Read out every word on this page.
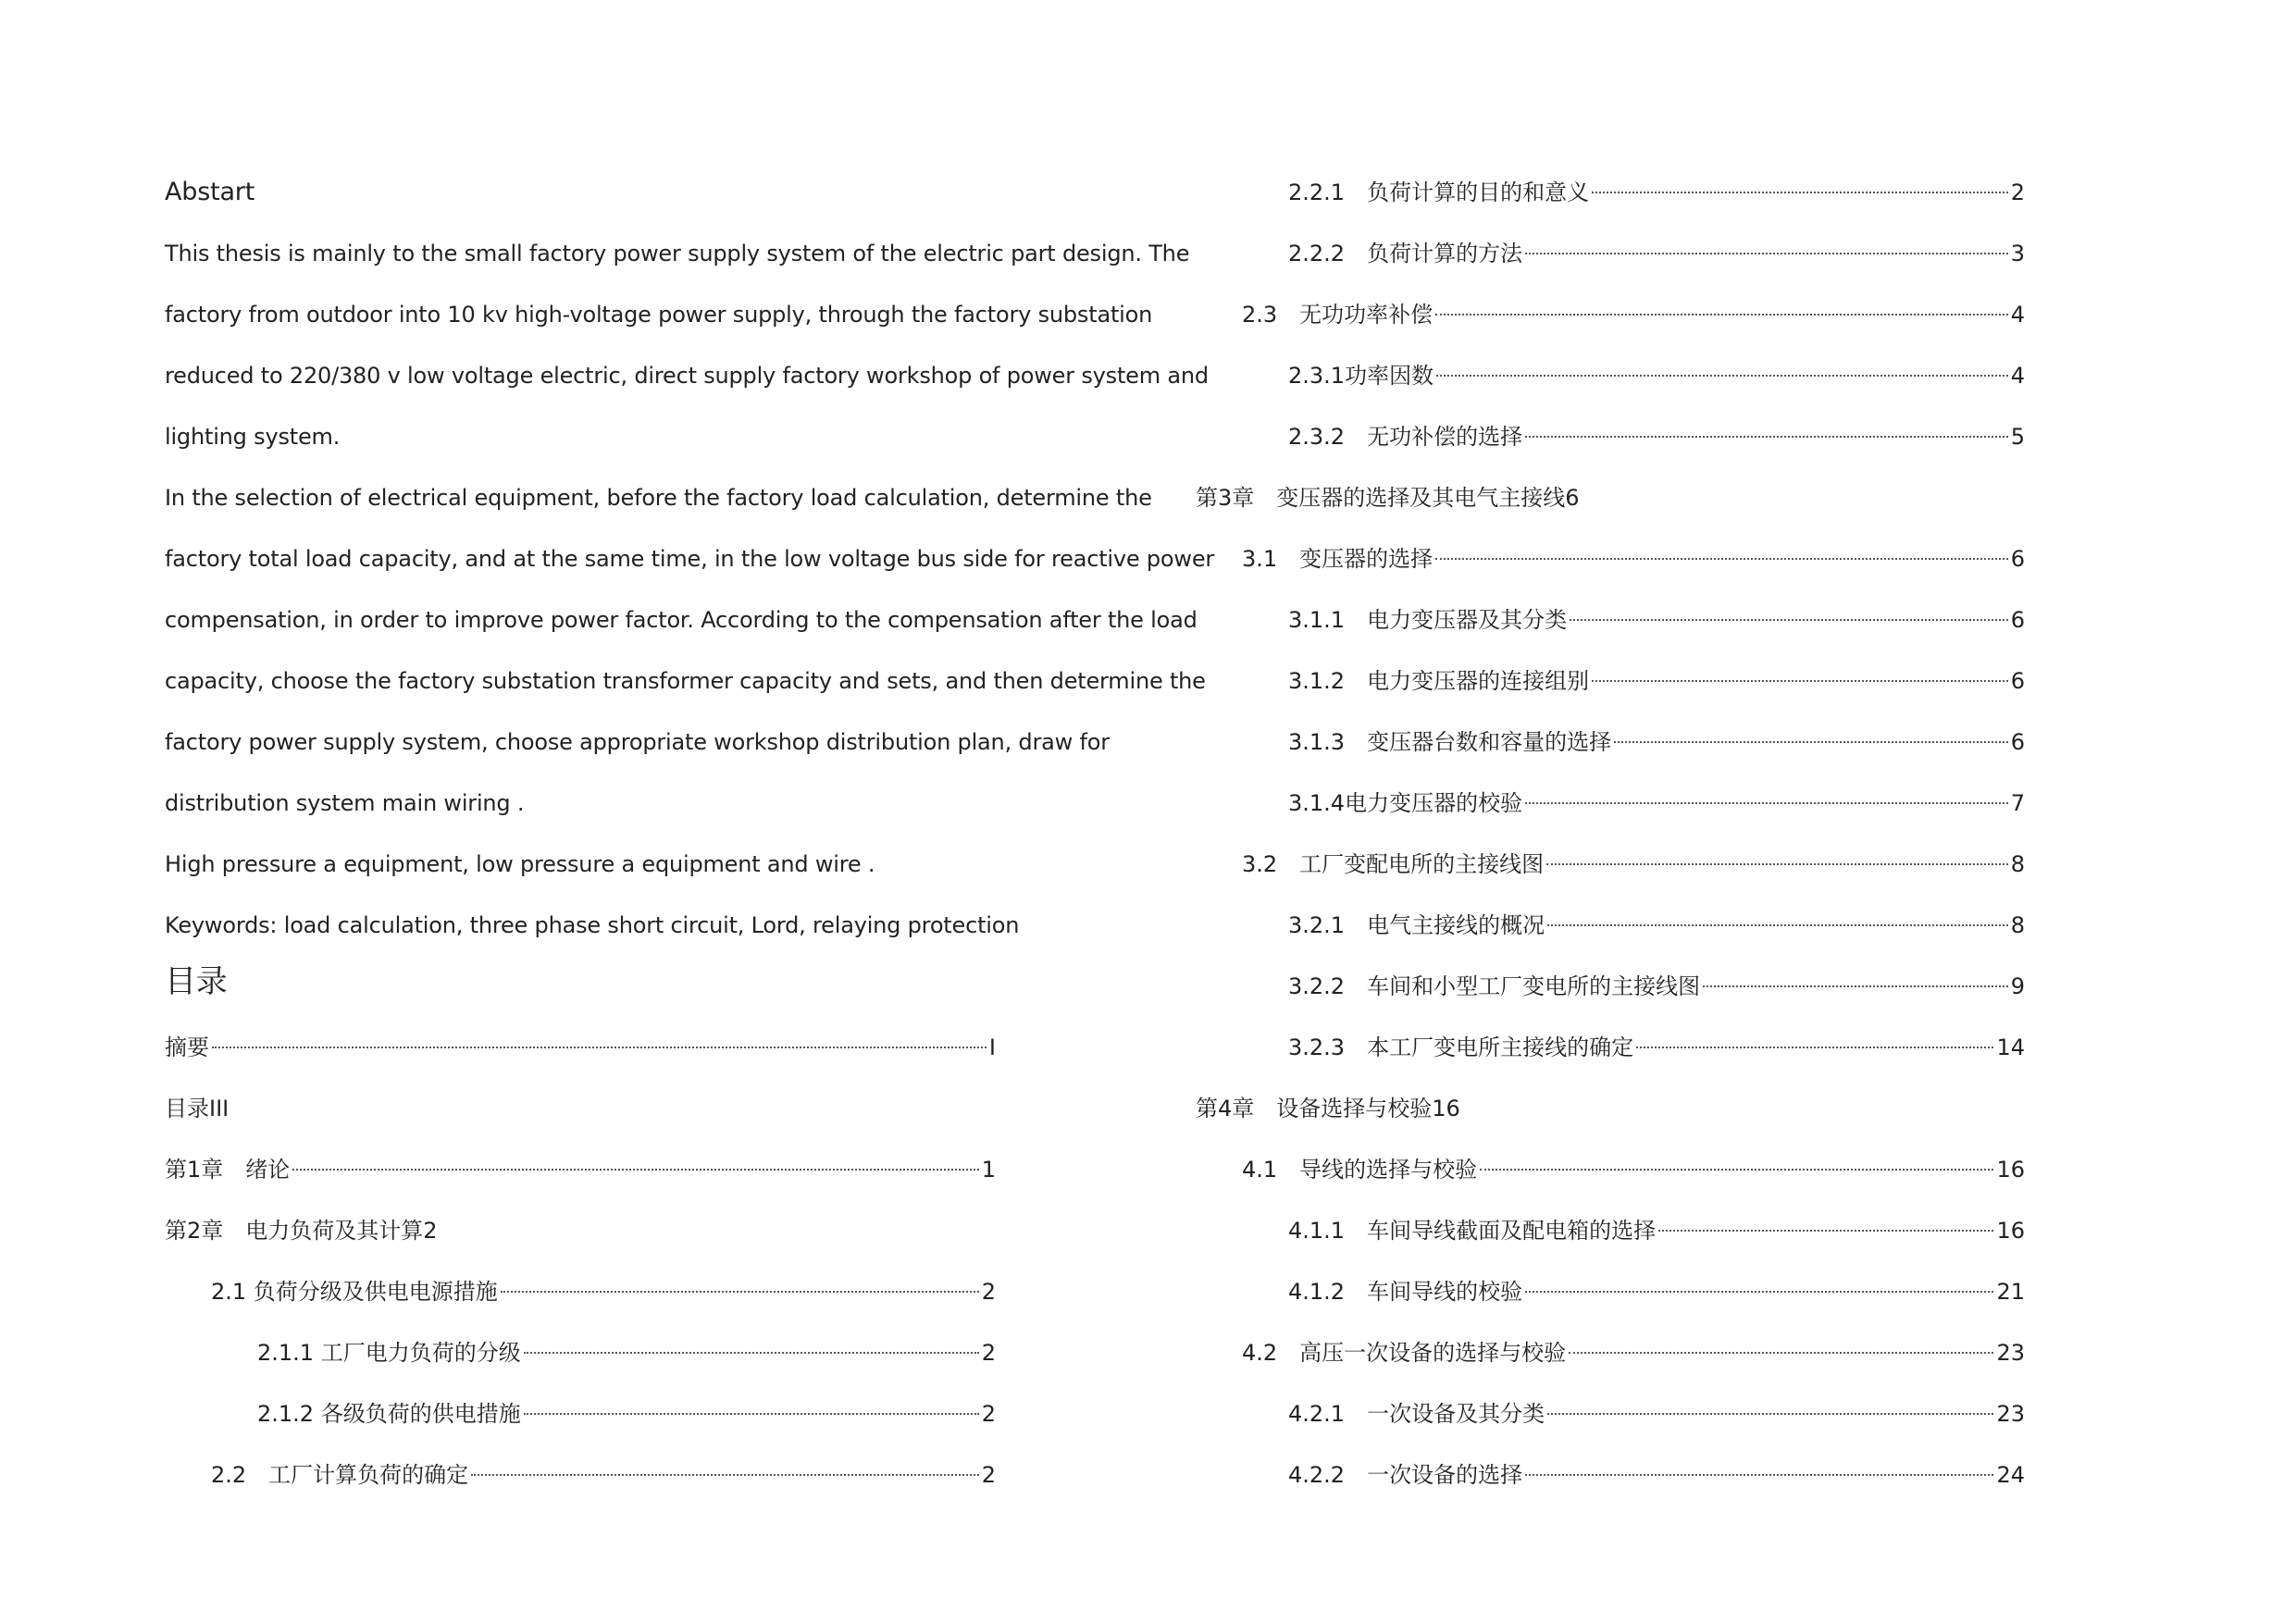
Abstart
This thesis is mainly to the small factory power supply system of the electric part design. The
factory from outdoor into 10 kv high-voltage power supply, through the factory substation
reduced to 220/380 v low voltage electric, direct supply factory workshop of power system and
lighting system.
In the selection of electrical equipment, before the factory load calculation, determine the
factory total load capacity, and at the same time, in the low voltage bus side for reactive power
compensation, in order to improve power factor. According to the compensation after the load
capacity, choose the factory substation transformer capacity and sets, and then determine the
factory power supply system, choose appropriate workshop distribution plan, draw for
distribution system main wiring .
High pressure a equipment, low pressure a equipment and wire .
Keywords: load calculation, three phase short circuit, Lord, relaying protection
目录
摘要	I
目录III
第1章　绪论	1
第2章　电力负荷及其计算2
2.1 负荷分级及供电电源措施	2
2.1.1 工厂电力负荷的分级	2
2.1.2 各级负荷的供电措施	2
2.2　工厂计算负荷的确定	2
2.2.1　负荷计算的目的和意义	2
2.2.2　负荷计算的方法	3
2.3　无功功率补偿	4
2.3.1功率因数	4
2.3.2　无功补偿的选择	5
第3章　变压器的选择及其电气主接线6
3.1　变压器的选择	6
3.1.1　电力变压器及其分类	6
3.1.2　电力变压器的连接组别	6
3.1.3　变压器台数和容量的选择	6
3.1.4电力变压器的校验	7
3.2　工厂变配电所的主接线图	8
3.2.1　电气主接线的概况	8
3.2.2　车间和小型工厂变电所的主接线图	9
3.2.3　本工厂变电所主接线的确定	14
第4章　设备选择与校验16
4.1　导线的选择与校验	16
4.1.1　车间导线截面及配电箱的选择	16
4.1.2　车间导线的校验	21
4.2　高压一次设备的选择与校验	23
4.2.1　一次设备及其分类	23
4.2.2　一次设备的选择	24
